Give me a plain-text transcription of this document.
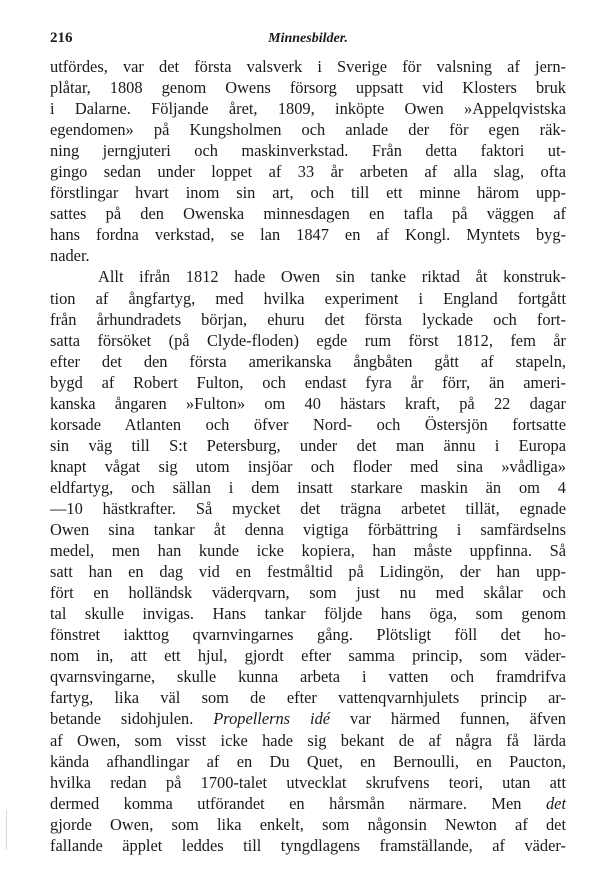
216	Minnesbilder.
utfördes, var det första valsverk i Sverige för valsning af jern-
plåtar, 1808 genom Owens försorg uppsatt vid Klosters bruk
i Dalarne. Följande året, 1809, inköpte Owen »Appelqvistska
egendomen» på Kungsholmen och anlade der för egen räk-
ning jerngjuteri och maskinverkstad. Från detta faktori ut-
gingo sedan under loppet af 33 år arbeten af alla slag, ofta
förstlingar hvart inom sin art, och till ett minne härom upp-
sattes på den Owenska minnesdagen en tafla på väggen af
hans fordna verkstad, se lan 1847 en af Kongl. Myntets byg-
nader.
Allt ifrån 1812 hade Owen sin tanke riktad åt konstruk-
tion af ångfartyg, med hvilka experiment i England fortgått
från århundradets början, ehuru det första lyckade och fort-
satta försöket (på Clyde-floden) egde rum först 1812, fem år
efter det den första amerikanska ångbåten gått af stapeln,
bygd af Robert Fulton, och endast fyra år förr, än ameri-
kanska ångaren »Fulton» om 40 hästars kraft, på 22 dagar
korsade Atlanten och öfver Nord- och Östersjön fortsatte
sin väg till S:t Petersburg, under det man ännu i Europa
knapt vågat sig utom insjöar och floder med sina »vådliga»
eldfartyg, och sällan i dem insatt starkare maskin än om 4
—10 hästkrafter. Så mycket det trägna arbetet tillät, egnade
Owen sina tankar åt denna vigtiga förbättring i samfärdselns
medel, men han kunde icke kopiera, han måste uppfinna. Så
satt han en dag vid en festmåltid på Lidingön, der han upp-
fört en holländsk väderqvarn, som just nu med skålar och
tal skulle invigas. Hans tankar följde hans öga, som genom
fönstret iakttog qvarnvingarnes gång. Plötsligt föll det ho-
nom in, att ett hjul, gjordt efter samma princip, som väder-
qvarnsvingarne, skulle kunna arbeta i vatten och framdrifva
fartyg, lika väl som de efter vattenqvarnhjulets princip ar-
betande sidohjulen. Propellerns idé var härmed funnen, äfven
af Owen, som visst icke hade sig bekant de af några få lärda
kända afhandlingar af en Du Quet, en Bernoulli, en Paucton,
hvilka redan på 1700-talet utvecklat skrufvens teori, utan att
dermed komma utförandet en hårsmån närmare. Men det
gjorde Owen, som lika enkelt, som någonsin Newton af det
fallande äpplet leddes till tyngdlagens framställande, af väder-
